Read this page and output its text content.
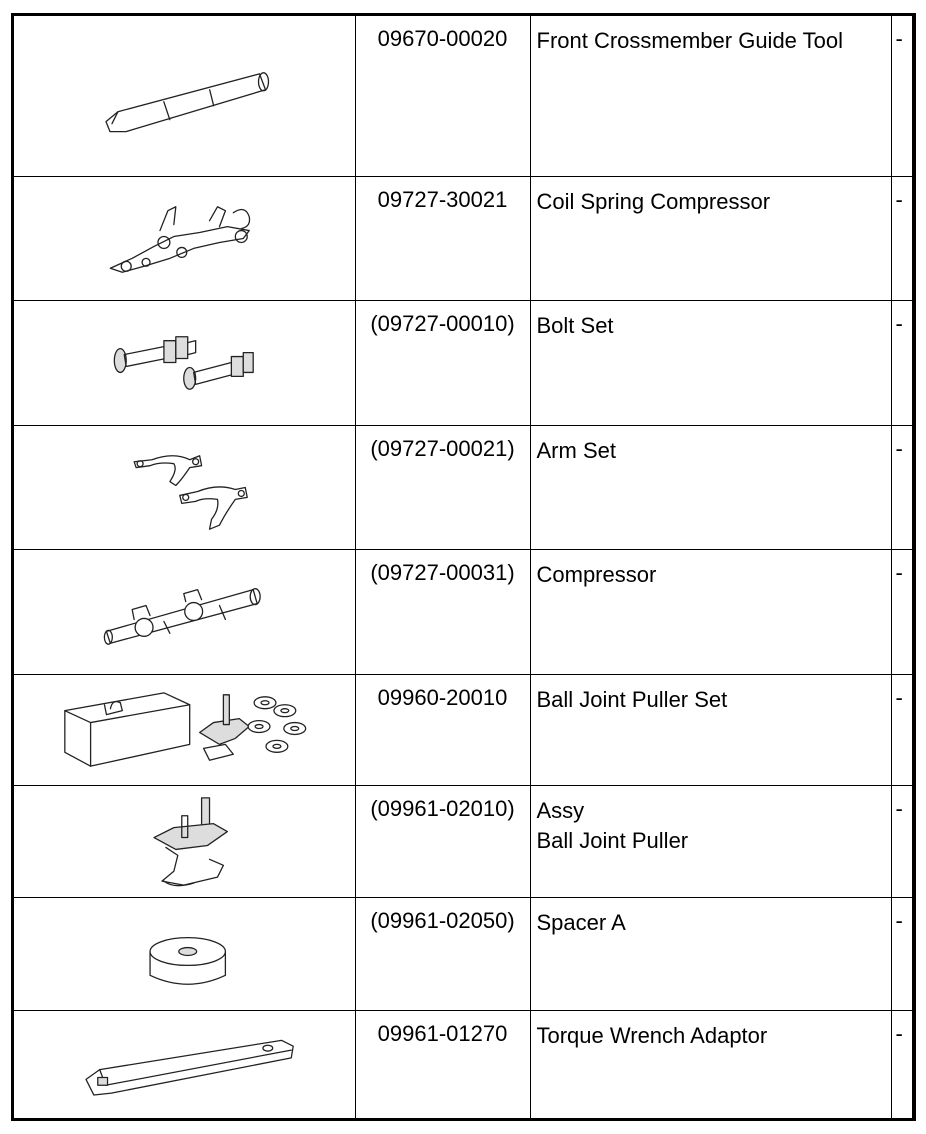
09670-00020	Front Crossmember Guide Tool	-

09727-30021	Coil Spring Compressor	-

(09727-00010)	Bolt Set	-

(09727-00021)	Arm Set	-

(09727-00031)	Compressor	-

09960-20010	Ball Joint Puller Set	-

(09961-02010)	Assy
Ball Joint Puller	-

(09961-02050)	Spacer A	-

09961-01270	Torque Wrench Adaptor	-
